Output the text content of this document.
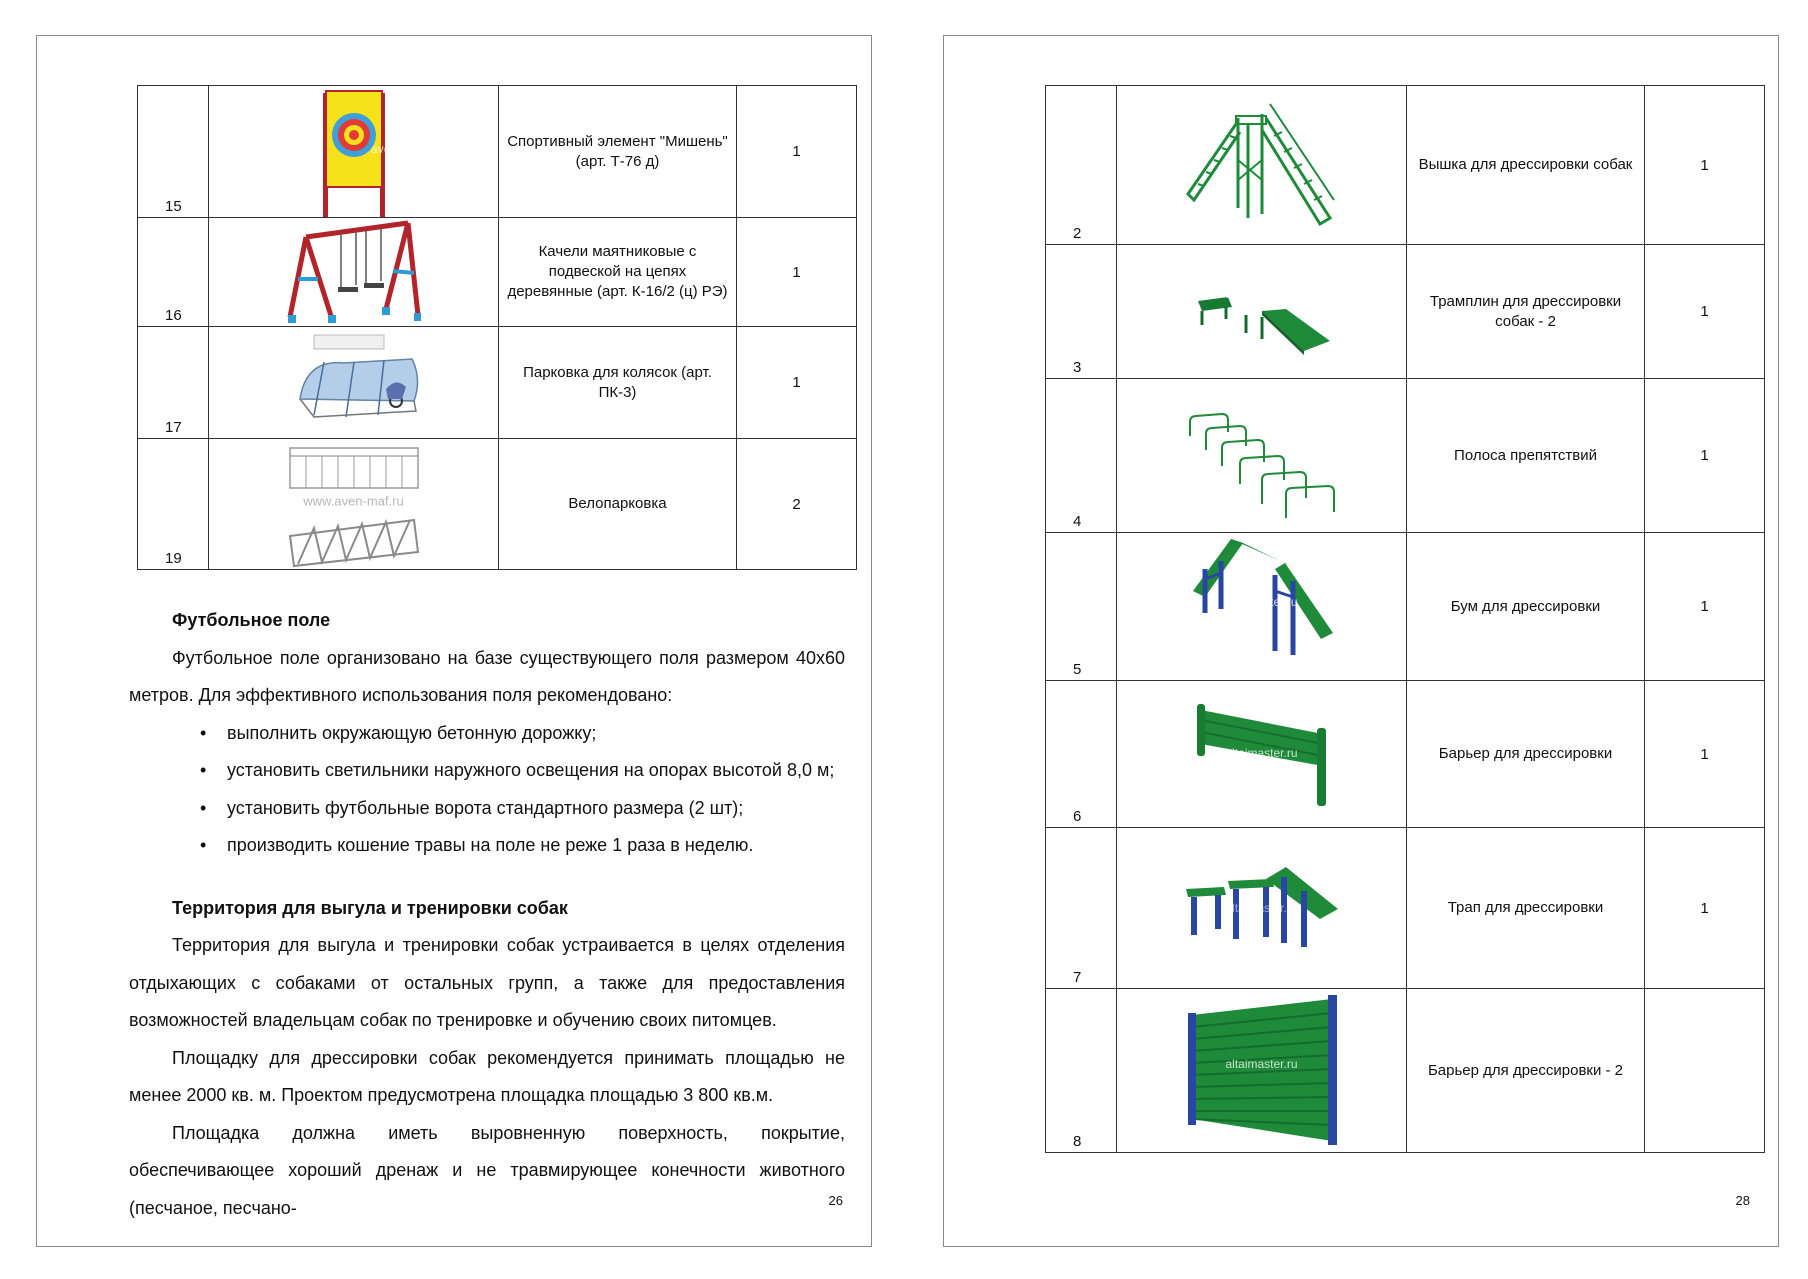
15	aven-m	Спортивный элемент "Мишень" (арт. Т-76 д)	1
16		Качели маятниковые с подвеской на цепях деревянные (арт. К-16/2 (ц) РЭ)	1
17		Парковка для колясок (арт. ПК-3)	1
19	www.aven-maf.ru	Велопарковка	2
Футбольное поле

Футбольное поле организовано на базе существующего поля размером 40х60 метров. Для эффективного использования поля рекомендовано:

• выполнить окружающую бетонную дорожку;
• установить светильники наружного освещения на опорах высотой 8,0 м;
• установить футбольные ворота стандартного размера (2 шт);
• производить кошение травы на поле не реже 1 раза в неделю.
Территория для выгула и тренировки собак

Территория для выгула и тренировки собак устраивается в целях отделения отдыхающих с собаками от остальных групп, а также для предоставления возможностей владельцам собак по тренировке и обучению своих питомцев.

Площадку для дрессировки собак рекомендуется принимать площадью не менее 2000 кв. м. Проектом предусмотрена площадка площадью 3 800 кв.м.

Площадка должна иметь выровненную поверхность, покрытие, обеспечивающее хороший дренаж и не травмирующее конечности животного (песчаное, песчано-	26
2		Вышка для дрессировки собак	1
3	altaimaster.ru	Трамплин для дрессировки собак - 2	1
4		Полоса препятствий	1
5	altaimaster.ru	Бум для дрессировки	1
6	altaimaster.ru	Барьер для дрессировки	1
7	altaimaster.ru	Трап для дрессировки	1
8	altaimaster.ru	Барьер для дрессировки - 2	
28
